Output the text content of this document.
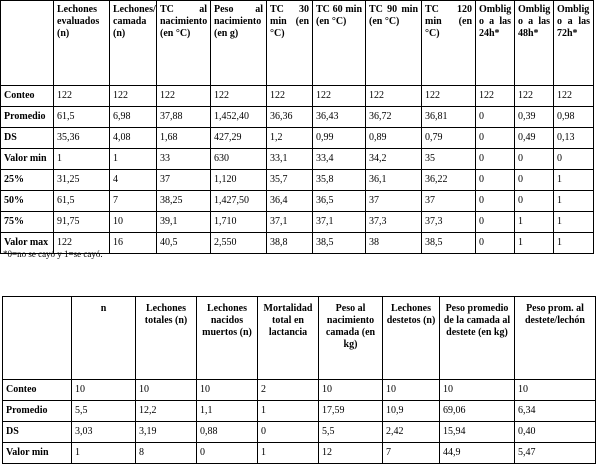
	Lechones evaluados (n)	Lechones/ camada (n)	TC al nacimiento (en °C)	Peso al nacimiento (en g)	TC 30 min (en °C)	TC 60 min (en °C)	TC 90 min (en °C)	TC 120 min (en °C)	Omblig o a las 24h*	Omblig o a las 48h*	Omblig o a las 72h*
Conteo	122	122	122	122	122	122	122	122	122	122	122
Promedio	61,5	6,98	37,88	1,452,40	36,36	36,43	36,72	36,81	0	0,39	0,98
DS	35,36	4,08	1,68	427,29	1,2	0,99	0,89	0,79	0	0,49	0,13
Valor min	1	1	33	630	33,1	33,4	34,2	35	0	0	0
25%	31,25	4	37	1,120	35,7	35,8	36,1	36,22	0	0	1
50%	61,5	7	38,25	1,427,50	36,4	36,5	37	37	0	0	1
75%	91,75	10	39,1	1,710	37,1	37,1	37,3	37,3	0	1	1
Valor max	122	16	40,5	2,550	38,8	38,5	38	38,5	0	1	1
*0=no se cayó y 1=se cayó.
	n	Lechones totales (n)	Lechones nacidos muertos (n)	Mortalidad total en lactancia	Peso al nacimiento camada (en kg)	Lechones destetos (n)	Peso promedio de la camada al destete (en kg)	Peso prom. al destete/lechón
Conteo	10	10	10	2	10	10	10	10
Promedio	5,5	12,2	1,1	1	17,59	10,9	69,06	6,34
DS	3,03	3,19	0,88	0	5,5	2,42	15,94	0,40
Valor min	1	8	0	1	12	7	44,9	5,47
